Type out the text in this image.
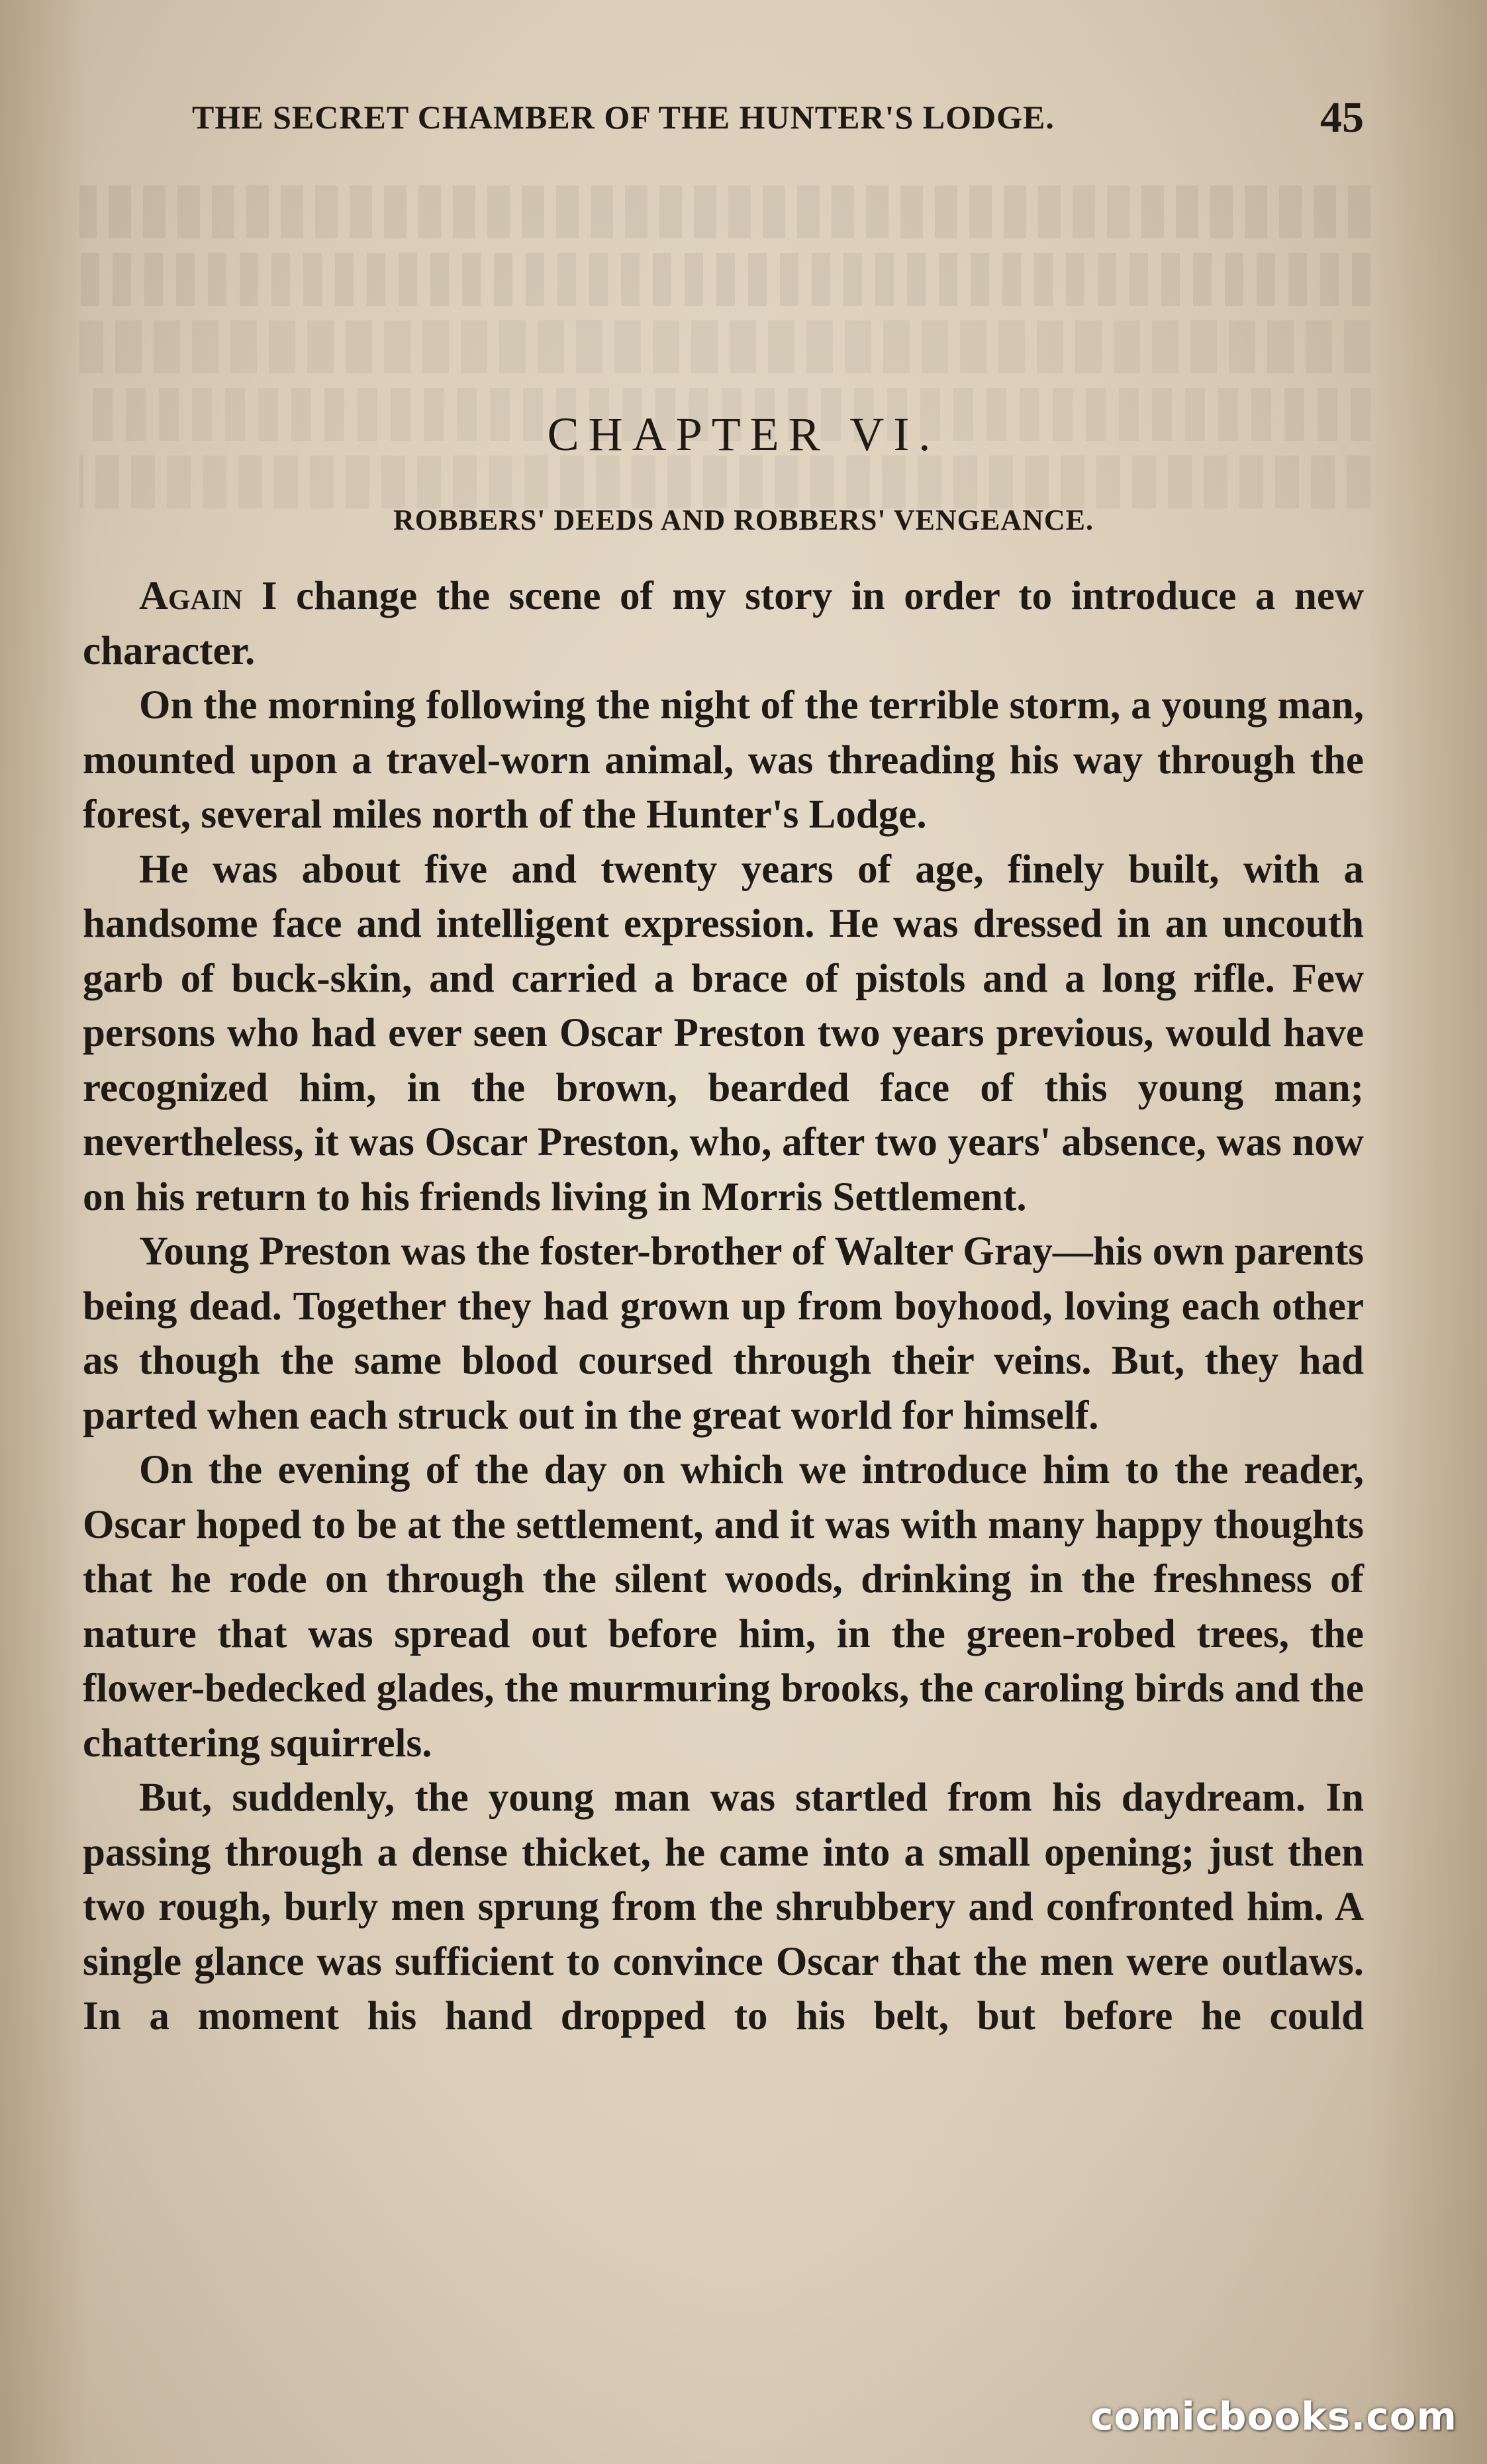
THE SECRET CHAMBER OF THE HUNTER'S LODGE.	45
CHAPTER VI.
ROBBERS' DEEDS AND ROBBERS' VENGEANCE.

Again I change the scene of my story in order to introduce a new character.

On the morning following the night of the terrible storm, a young man, mounted upon a travel-worn animal, was threading his way through the forest, several miles north of the Hunter's Lodge.

He was about five and twenty years of age, finely built, with a handsome face and intelligent expression. He was dressed in an uncouth garb of buck-skin, and carried a brace of pistols and a long rifle. Few persons who had ever seen Oscar Preston two years previous, would have recognized him, in the brown, bearded face of this young man; nevertheless, it was Oscar Preston, who, after two years' absence, was now on his return to his friends living in Morris Settlement.

Young Preston was the foster-brother of Walter Gray—his own parents being dead. Together they had grown up from boyhood, loving each other as though the same blood coursed through their veins. But, they had parted when each struck out in the great world for himself.

On the evening of the day on which we introduce him to the reader, Oscar hoped to be at the settlement, and it was with many happy thoughts that he rode on through the silent woods, drinking in the freshness of nature that was spread out before him, in the green-robed trees, the flower-bedecked glades, the murmuring brooks, the caroling birds and the chattering squirrels.

But, suddenly, the young man was startled from his daydream. In passing through a dense thicket, he came into a small opening; just then two rough, burly men sprung from the shrubbery and confronted him. A single glance was sufficient to convince Oscar that the men were outlaws. In a moment his hand dropped to his belt, but before he could

comicbooks.com
